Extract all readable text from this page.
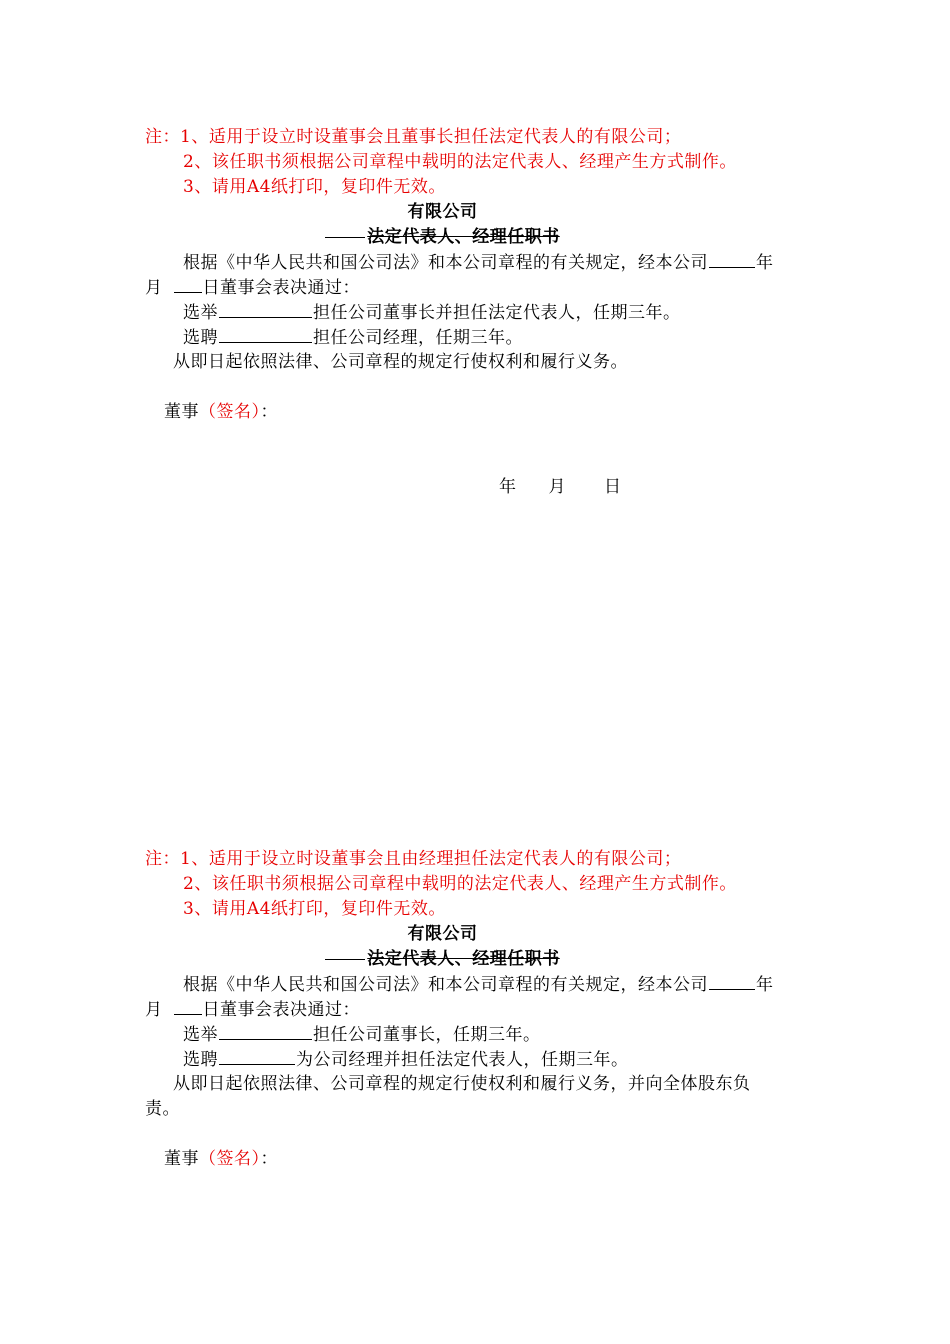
注：1、适用于设立时设董事会且董事长担任法定代表人的有限公司；
2、该任职书须根据公司章程中载明的法定代表人、经理产生方式制作。
3、请用A4纸打印，复印件无效。
有限公司
法定代表人、经理任职书
根据《中华人民共和国公司法》和本公司章程的有关规定，经本公司	年
月 日董事会表决通过：
选举	担任公司董事长并担任法定代表人，任期三年。
选聘	担任公司经理，任期三年。
从即日起依照法律、公司章程的规定行使权利和履行义务。
董事（签名）：
年 月 日
注：1、适用于设立时设董事会且由经理担任法定代表人的有限公司；
2、该任职书须根据公司章程中载明的法定代表人、经理产生方式制作。
3、请用A4纸打印，复印件无效。
有限公司
法定代表人、经理任职书
根据《中华人民共和国公司法》和本公司章程的有关规定，经本公司	年
月 日董事会表决通过：
选举	担任公司董事长，任期三年。
选聘	为公司经理并担任法定代表人，任期三年。
从即日起依照法律、公司章程的规定行使权利和履行义务，并向全体股东负
责。
董事（签名）：
